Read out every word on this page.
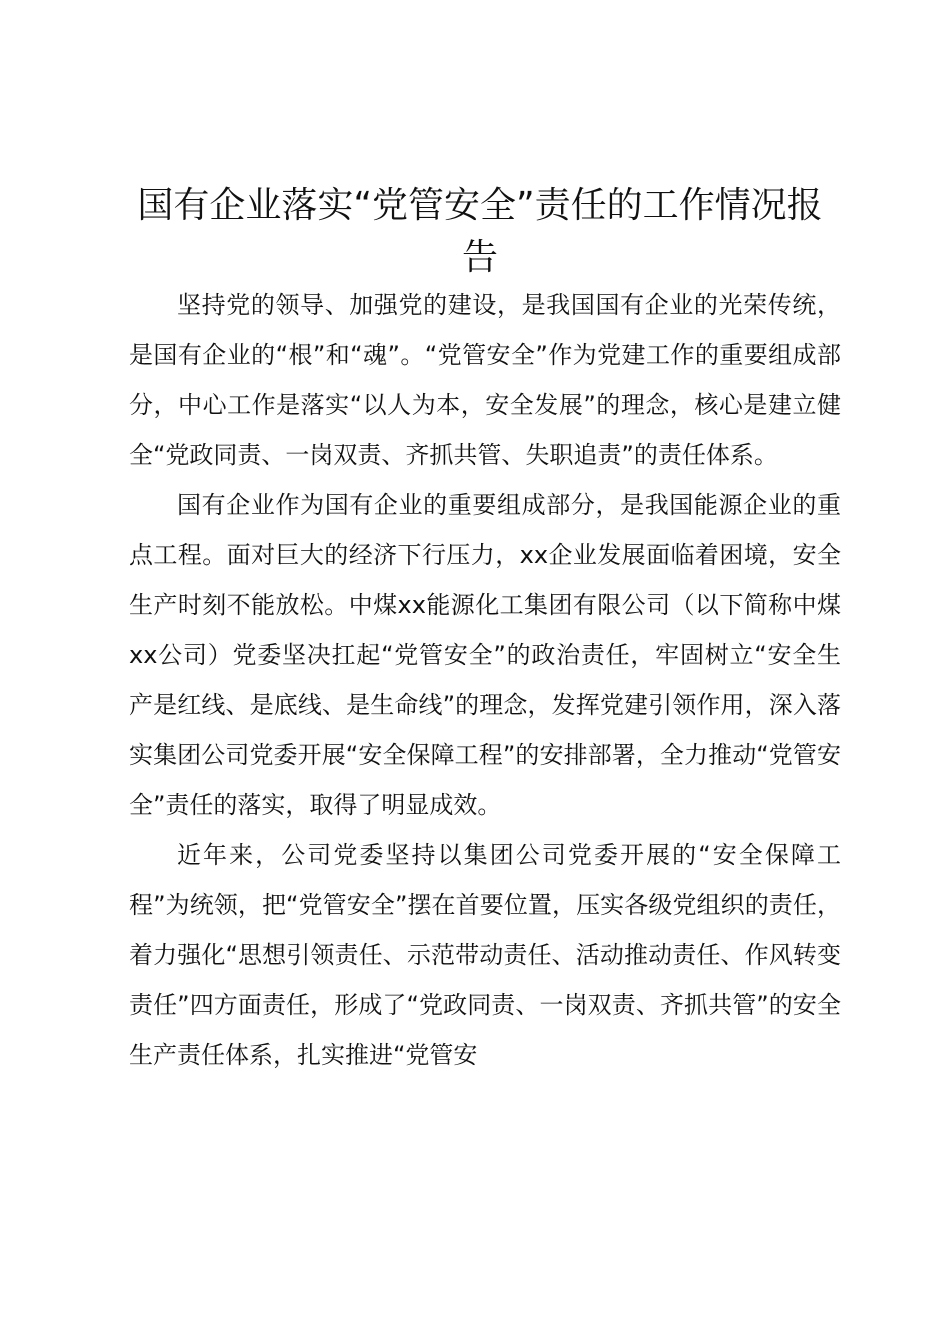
国有企业落实“党管安全”责任的工作情况报告

坚持党的领导、加强党的建设，是我国国有企业的光荣传统，是国有企业的“根”和“魂”。“党管安全”作为党建工作的重要组成部分，中心工作是落实“以人为本，安全发展”的理念，核心是建立健全“党政同责、一岗双责、齐抓共管、失职追责”的责任体系。

国有企业作为国有企业的重要组成部分，是我国能源企业的重点工程。面对巨大的经济下行压力，xx企业发展面临着困境，安全生产时刻不能放松。中煤xx能源化工集团有限公司（以下简称中煤xx公司）党委坚决扛起“党管安全”的政治责任，牢固树立“安全生产是红线、是底线、是生命线”的理念，发挥党建引领作用，深入落实集团公司党委开展“安全保障工程”的安排部署，全力推动“党管安全”责任的落实，取得了明显成效。

近年来，公司党委坚持以集团公司党委开展的“安全保障工程”为统领，把“党管安全”摆在首要位置，压实各级党组织的责任，着力强化“思想引领责任、示范带动责任、活动推动责任、作风转变责任”四方面责任，形成了“党政同责、一岗双责、齐抓共管”的安全生产责任体系，扎实推进“党管安
